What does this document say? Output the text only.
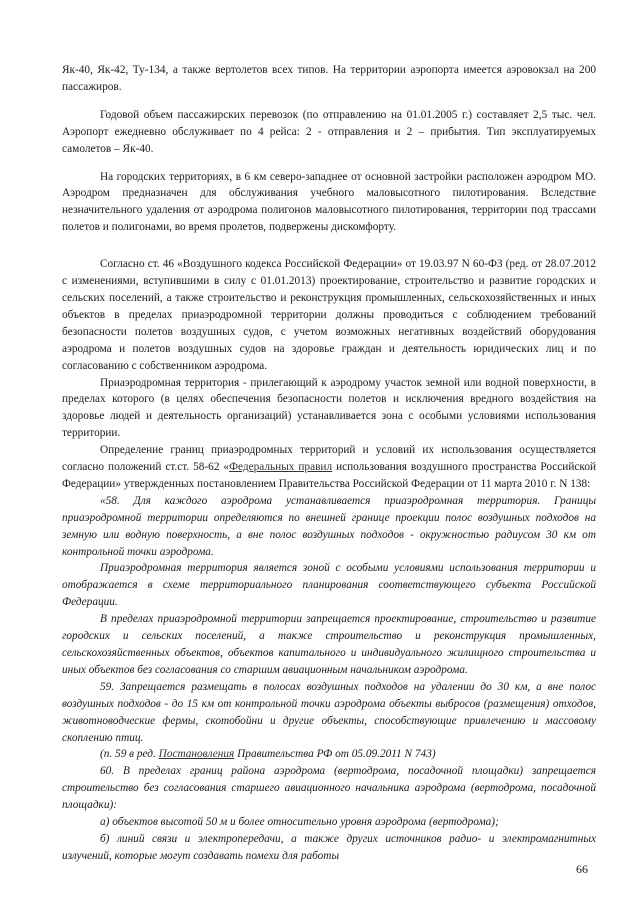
Як-40, Як-42, Ту-134, а также вертолетов всех типов. На территории аэропорта имеется аэровокзал на 200 пассажиров.

Годовой объем пассажирских перевозок (по отправлению на 01.01.2005 г.) составляет 2,5 тыс. чел. Аэропорт ежедневно обслуживает по 4 рейса: 2 - отправления и 2 – прибытия. Тип эксплуатируемых самолетов – Як-40.

На городских территориях, в 6 км северо-западнее от основной застройки расположен аэродром МО. Аэродром предназначен для обслуживания учебного маловысотного пилотирования. Вследствие незначительного удаления от аэродрома полигонов маловысотного пилотирования, территории под трассами полетов и полигонами, во время пролетов, подвержены дискомфорту.

Согласно ст. 46 «Воздушного кодекса Российской Федерации» от 19.03.97 N 60-ФЗ (ред. от 28.07.2012 с изменениями, вступившими в силу с 01.01.2013) проектирование, строительство и развитие городских и сельских поселений, а также строительство и реконструкция промышленных, сельскохозяйственных и иных объектов в пределах приаэродромной территории должны проводиться с соблюдением требований безопасности полетов воздушных судов, с учетом возможных негативных воздействий оборудования аэродрома и полетов воздушных судов на здоровье граждан и деятельность юридических лиц и по согласованию с собственником аэродрома.

Приаэродромная территория - прилегающий к аэродрому участок земной или водной поверхности, в пределах которого (в целях обеспечения безопасности полетов и исключения вредного воздействия на здоровье людей и деятельность организаций) устанавливается зона с особыми условиями использования территории.

Определение границ приаэродромных территорий и условий их использования осуществляется согласно положений ст.ст. 58-62 «Федеральных правил использования воздушного пространства Российской Федерации» утвержденных постановлением Правительства Российской Федерации от 11 марта 2010 г. N 138:

«58. Для каждого аэродрома устанавливается приаэродромная территория. Границы приаэродромной территории определяются по внешней границе проекции полос воздушных подходов на земную или водную поверхность, а вне полос воздушных подходов - окружностью радиусом 30 км от контрольной точки аэродрома.

Приаэродромная территория является зоной с особыми условиями использования территории и отображается в схеме территориального планирования соответствующего субъекта Российской Федерации.

В пределах приаэродромной территории запрещается проектирование, строительство и развитие городских и сельских поселений, а также строительство и реконструкция промышленных, сельскохозяйственных объектов, объектов капитального и индивидуального жилищного строительства и иных объектов без согласования со старшим авиационным начальником аэродрома.

59. Запрещается размещать в полосах воздушных подходов на удалении до 30 км, а вне полос воздушных подходов - до 15 км от контрольной точки аэродрома объекты выбросов (размещения) отходов, животноводческие фермы, скотобойни и другие объекты, способствующие привлечению и массовому скоплению птиц.

(п. 59 в ред. Постановления Правительства РФ от 05.09.2011 N 743)

60. В пределах границ района аэродрома (вертодрома, посадочной площадки) запрещается строительство без согласования старшего авиационного начальника аэродрома (вертодрома, посадочной площадки):

а) объектов высотой 50 м и более относительно уровня аэродрома (вертодрома);

б) линий связи и электропередачи, а также других источников радио- и электромагнитных излучений, которые могут создавать помехи для работы

66
